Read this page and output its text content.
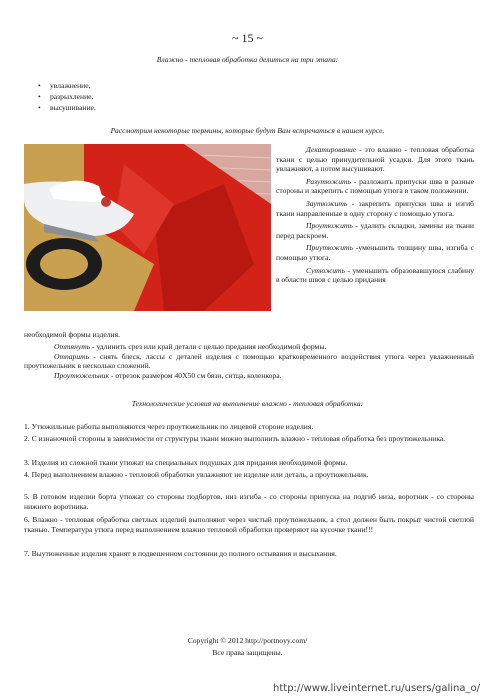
~ 15 ~
Влажно - тепловая обработка делиться на три этапа:
• увлажнение,
• разрыхление,
• высушивание.
Рассмотрим некоторые термины, которые будут Вам встречаться в нашем курсе.
Декатирование - это влажно - тепловая обработка ткани с целью принудительной усадки. Для этого ткань увлажняют, а потом высушивают.
Разутюжить - разложить припуски шва в разные стороны и закрепить с помощью утюга в таком положении.
Заутюжить - закрепить припуски шва и изгиб ткани направленные в одну сторону с помощью утюга.
Проутюжить - удалить складки, замины на ткани перед раскроем.
Приутюжить -уменьшить толщину шва, изгиба с помощью утюга.
Сутюжить - уменьшить образовавшуюся слабину в области швов с целью придания
необходимой формы изделия.
Оттянуть - удлинить срез или край детали с целью предания необходимой формы.
Отпарить - снять блеск, лассы с деталей изделия с помощью кратковременного воздействия утюга через увлажненный проутюжельник в несколько сложений.
Проутюжельник - отрезок размером 40Х50 см бязи, ситца, коленкора.
Технологические условия на выполнение влажно - тепловая обработка:
1. Утюжильные работы выполняются через проутюжельник по лицевой стороне изделия.
2. С изнаночной стороны в зависимости от структуры ткани можно выполнить влажно - тепловая обработка без проутюжельника.
3. Изделия из сложной ткани утюжат на специальных подушках для придания необходимой формы.
4. Перед выполнением влажно - тепловой обработки увлажняют не изделие или деталь, а проутюжельник.
5. В готовом изделии борта утюжат со стороны подбортов, низ изгиба - со стороны припуска на подгиб низа, воротник - со стороны нижнего воротника.
6. Влажно - тепловая обработка светлых изделий выполняют через чистый проутюжельник, а стол должен быть покрыт чистой светлой тканью. Температура утюга перед выполнением влажно тепловой обработки проверяют на кусочке ткани!!!
7. Выутюженные изделия хранят в подвешенном состоянии до полного остывания и высыхания.
Copyright © 2012 http://portnoyy.com/
Все права защищены.
http://www.liveinternet.ru/users/galina_o/
